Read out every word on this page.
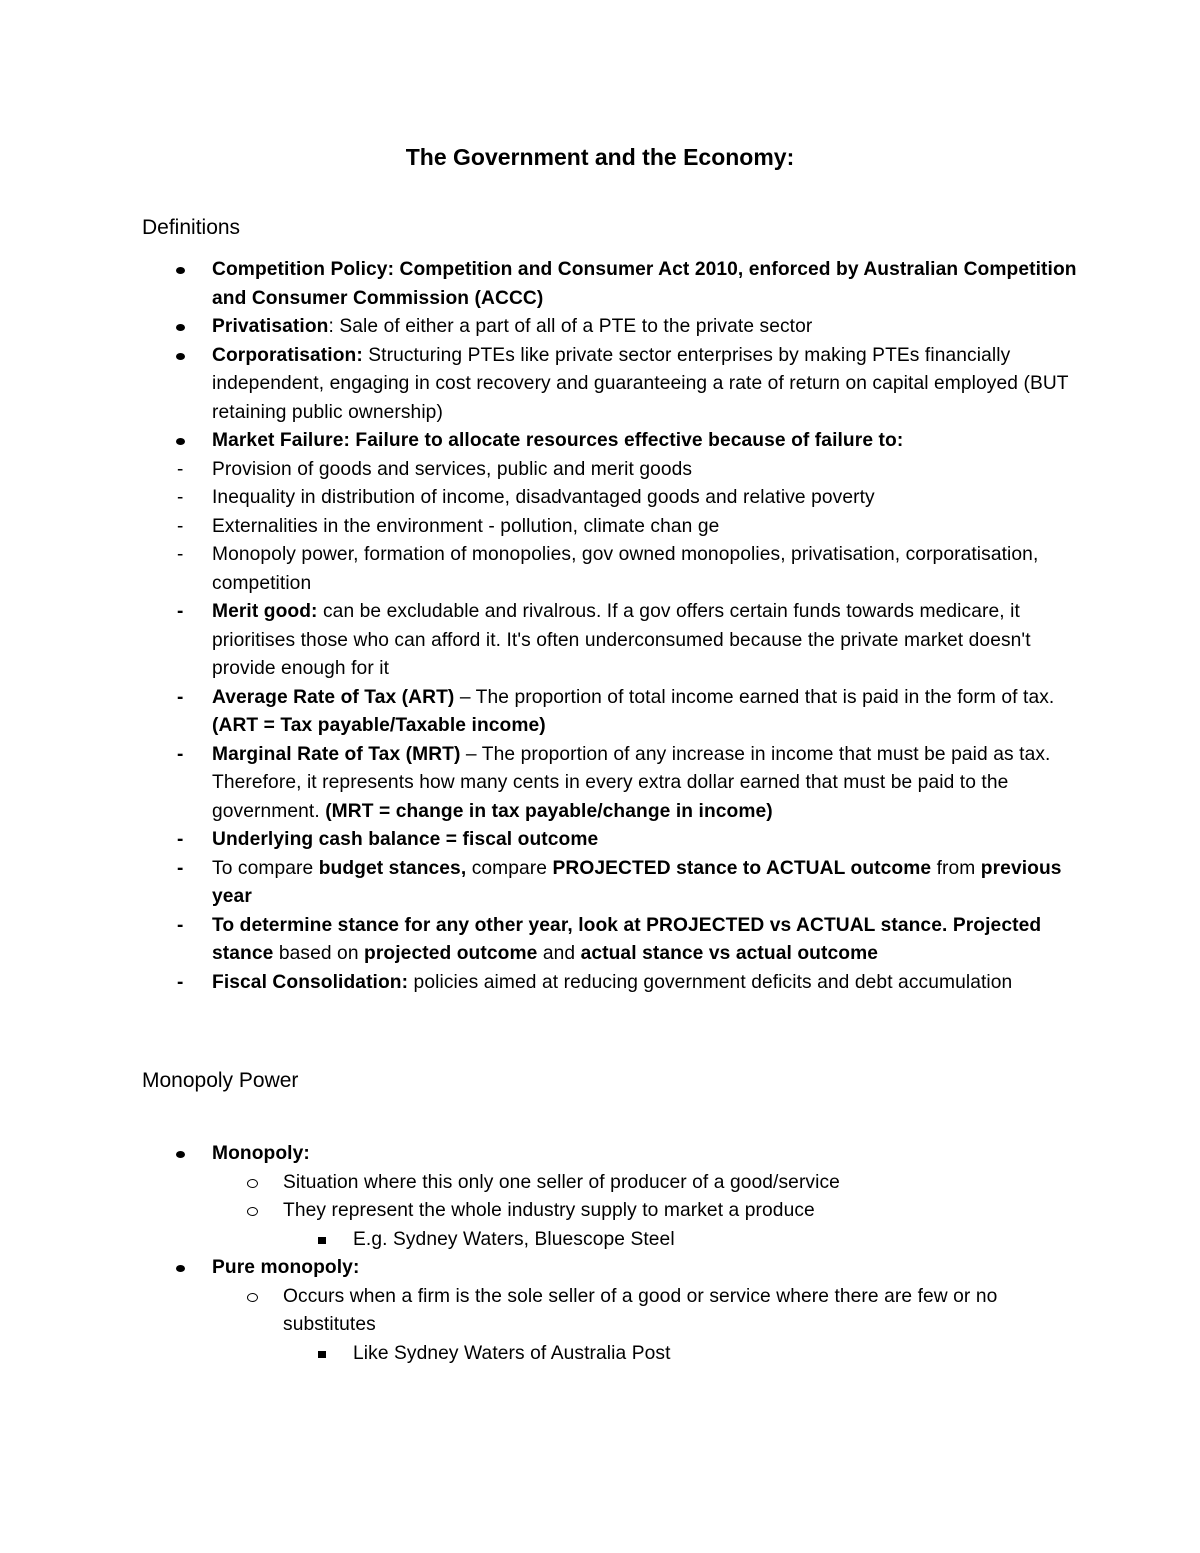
The Government and the Economy:
Definitions
Competition Policy: Competition and Consumer Act 2010, enforced by Australian Competition and Consumer Commission (ACCC)
Privatisation: Sale of either a part of all of a PTE to the private sector
Corporatisation: Structuring PTEs like private sector enterprises by making PTEs financially independent, engaging in cost recovery and guaranteeing a rate of return on capital employed (BUT retaining public ownership)
Market Failure: Failure to allocate resources effective because of failure to:
- Provision of goods and services, public and merit goods
- Inequality in distribution of income, disadvantaged goods and relative poverty
- Externalities in the environment - pollution, climate chan ge
- Monopoly power, formation of monopolies, gov owned monopolies, privatisation, corporatisation, competition
- Merit good: can be excludable and rivalrous. If a gov offers certain funds towards medicare, it prioritises those who can afford it. It's often underconsumed because the private market doesn't provide enough for it
- Average Rate of Tax (ART) – The proportion of total income earned that is paid in the form of tax. (ART = Tax payable/Taxable income)
- Marginal Rate of Tax (MRT) – The proportion of any increase in income that must be paid as tax. Therefore, it represents how many cents in every extra dollar earned that must be paid to the government. (MRT = change in tax payable/change in income)
- Underlying cash balance = fiscal outcome
- To compare budget stances, compare PROJECTED stance to ACTUAL outcome from previous year
- To determine stance for any other year, look at PROJECTED vs ACTUAL stance. Projected stance based on projected outcome and actual stance vs actual outcome
- Fiscal Consolidation: policies aimed at reducing government deficits and debt accumulation
Monopoly Power
Monopoly:
Situation where this only one seller of producer of a good/service
They represent the whole industry supply to market a produce
E.g. Sydney Waters, Bluescope Steel
Pure monopoly:
Occurs when a firm is the sole seller of a good or service where there are few or no substitutes
Like Sydney Waters of Australia Post
